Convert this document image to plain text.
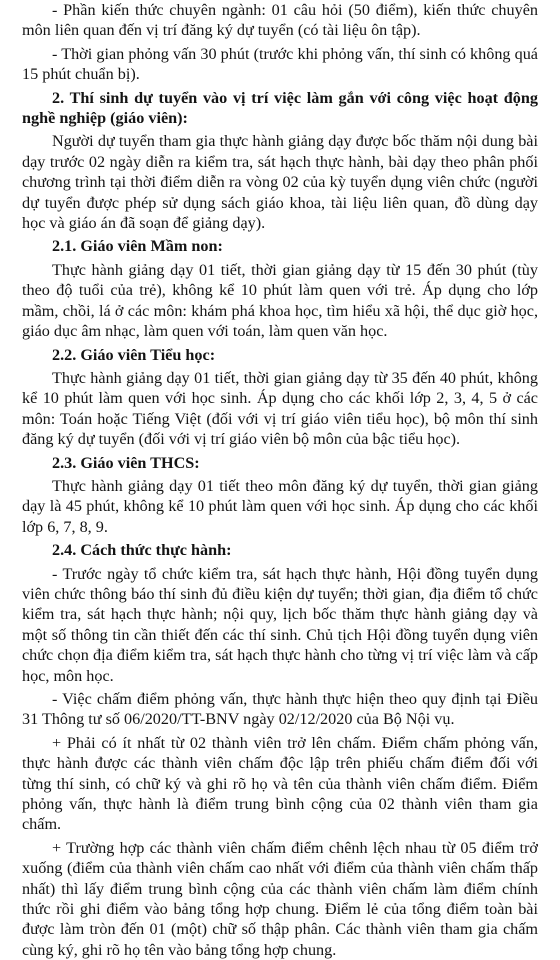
- Phần kiến thức chuyên ngành: 01 câu hỏi (50 điểm), kiến thức chuyên môn liên quan đến vị trí đăng ký dự tuyển (có tài liệu ôn tập).

- Thời gian phỏng vấn 30 phút (trước khi phỏng vấn, thí sinh có không quá 15 phút chuẩn bị).

2. Thí sinh dự tuyển vào vị trí việc làm gắn với công việc hoạt động nghề nghiệp (giáo viên):

Người dự tuyển tham gia thực hành giảng dạy được bốc thăm nội dung bài dạy trước 02 ngày diễn ra kiểm tra, sát hạch thực hành, bài dạy theo phân phối chương trình tại thời điểm diễn ra vòng 02 của kỳ tuyển dụng viên chức (người dự tuyển được phép sử dụng sách giáo khoa, tài liệu liên quan, đồ dùng dạy học và giáo án đã soạn để giảng dạy).

2.1. Giáo viên Mầm non:

Thực hành giảng dạy 01 tiết, thời gian giảng dạy từ 15 đến 30 phút (tùy theo độ tuổi của trẻ), không kể 10 phút làm quen với trẻ. Áp dụng cho lớp mầm, chồi, lá ở các môn: khám phá khoa học, tìm hiểu xã hội, thể dục giờ học, giáo dục âm nhạc, làm quen với toán, làm quen văn học.

2.2. Giáo viên Tiểu học:

Thực hành giảng dạy 01 tiết, thời gian giảng dạy từ 35 đến 40 phút, không kể 10 phút làm quen với học sinh. Áp dụng cho các khối lớp 2, 3, 4, 5 ở các môn: Toán hoặc Tiếng Việt (đối với vị trí giáo viên tiểu học), bộ môn thí sinh đăng ký dự tuyển (đối với vị trí giáo viên bộ môn của bậc tiểu học).

2.3. Giáo viên THCS:

Thực hành giảng dạy 01 tiết theo môn đăng ký dự tuyển, thời gian giảng dạy là 45 phút, không kể 10 phút làm quen với học sinh. Áp dụng cho các khối lớp 6, 7, 8, 9.

2.4. Cách thức thực hành:

- Trước ngày tổ chức kiểm tra, sát hạch thực hành, Hội đồng tuyển dụng viên chức thông báo thí sinh đủ điều kiện dự tuyển; thời gian, địa điểm tổ chức kiểm tra, sát hạch thực hành; nội quy, lịch bốc thăm thực hành giảng dạy và một số thông tin cần thiết đến các thí sinh. Chủ tịch Hội đồng tuyển dụng viên chức chọn địa điểm kiểm tra, sát hạch thực hành cho từng vị trí việc làm và cấp học, môn học.

- Việc chấm điểm phỏng vấn, thực hành thực hiện theo quy định tại Điều 31 Thông tư số 06/2020/TT-BNV ngày 02/12/2020 của Bộ Nội vụ.

+ Phải có ít nhất từ 02 thành viên trở lên chấm. Điểm chấm phỏng vấn, thực hành được các thành viên chấm độc lập trên phiếu chấm điểm đối với từng thí sinh, có chữ ký và ghi rõ họ và tên của thành viên chấm điểm. Điểm phỏng vấn, thực hành là điểm trung bình cộng của 02 thành viên tham gia chấm.

+ Trường hợp các thành viên chấm điểm chênh lệch nhau từ 05 điểm trở xuống (điểm của thành viên chấm cao nhất với điểm của thành viên chấm thấp nhất) thì lấy điểm trung bình cộng của các thành viên chấm làm điểm chính thức rồi ghi điểm vào bảng tổng hợp chung. Điểm lẻ của tổng điểm toàn bài được làm tròn đến 01 (một) chữ số thập phân. Các thành viên tham gia chấm cùng ký, ghi rõ họ tên vào bảng tổng hợp chung.
